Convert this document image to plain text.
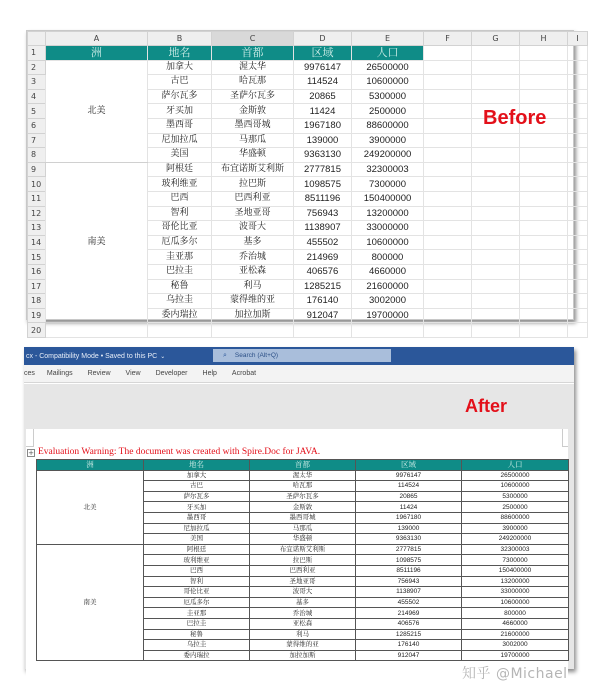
	A	B	C	D	E	F	G	H	I	
1	洲	地名	首都	区域	人口					
2	北美	加拿大	渥太华	9976147	26500000					
3		古巴	哈瓦那	114524	10600000					
4		萨尔瓦多	圣萨尔瓦多	20865	5300000					
5		牙买加	金斯敦	11424	2500000					
6		墨西哥	墨西哥城	1967180	88600000					
7		尼加拉瓜	马那瓜	139000	3900000					
8		美国	华盛顿	9363130	249200000					
9	南美	阿根廷	布宜诺斯艾利斯	2777815	32300003					
10		玻利维亚	拉巴斯	1098575	7300000					
11		巴西	巴西利亚	8511196	150400000					
12		智利	圣地亚哥	756943	13200000					
13		哥伦比亚	波哥大	1138907	33000000					
14		厄瓜多尔	基多	455502	10600000					
15		圭亚那	乔治城	214969	800000					
16		巴拉圭	亚松森	406576	4660000					
17		秘鲁	利马	1285215	21600000					
18		乌拉圭	蒙得维的亚	176140	3002000					
19		委内瑞拉	加拉加斯	912047	19700000					
20										
Before
cx - Compatibility Mode • Saved to this PC ⌄	⌕ Search (Alt+Q)
ces Mailings Review View Developer Help Acrobat
After
+ Evaluation Warning: The document was created with Spire.Doc for JAVA.
洲	地名	首都	区域	人口
北美	加拿大	渥太华	9976147	26500000
	古巴	哈瓦那	114524	10600000
	萨尔瓦多	圣萨尔瓦多	20865	5300000
	牙买加	金斯敦	11424	2500000
	墨西哥	墨西哥城	1967180	88600000
	尼加拉瓜	马那瓜	139000	3900000
	美国	华盛顿	9363130	249200000
南美	阿根廷	布宜诺斯艾利斯	2777815	32300003
	玻利维亚	拉巴斯	1098575	7300000
	巴西	巴西利亚	8511196	150400000
	智利	圣地亚哥	756943	13200000
	哥伦比亚	波哥大	1138907	33000000
	厄瓜多尔	基多	455502	10600000
	圭亚那	乔治城	214969	800000
	巴拉圭	亚松森	406576	4660000
	秘鲁	利马	1285215	21600000
	乌拉圭	蒙得维的亚	176140	3002000
	委内瑞拉	加拉加斯	912047	19700000
知乎 @Michael
